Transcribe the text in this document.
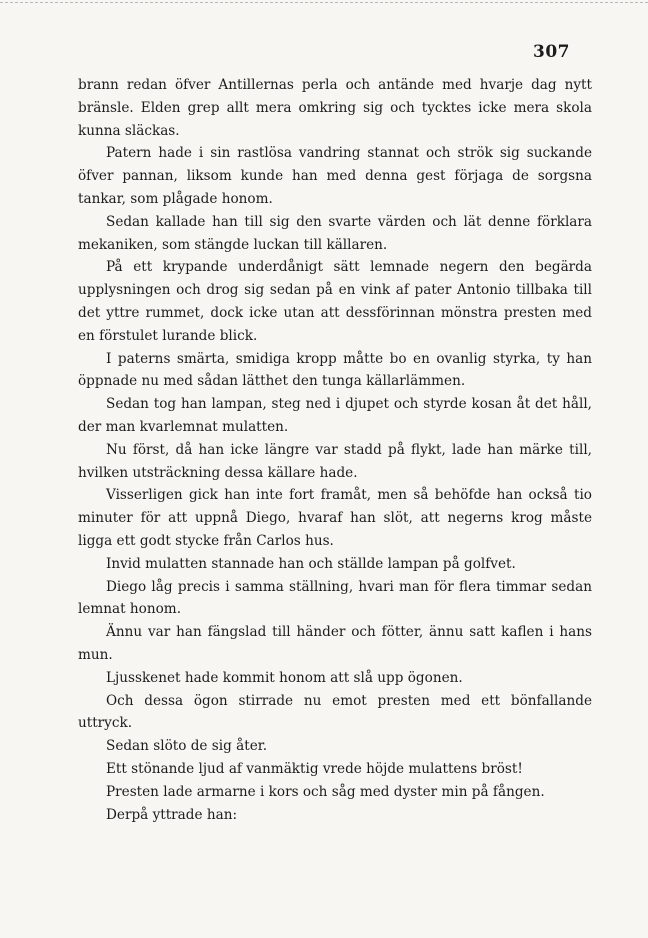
307

brann redan öfver Antillernas perla och antände med hvarje dag nytt bränsle. Elden grep allt mera omkring sig och tycktes icke mera skola kunna släckas.

Patern hade i sin rastlösa vandring stannat och strök sig suckande öfver pannan, liksom kunde han med denna gest förjaga de sorgsna tankar, som plågade honom.

Sedan kallade han till sig den svarte värden och lät denne förklara mekaniken, som stängde luckan till källaren.

På ett krypande underdånigt sätt lemnade negern den begärda upplysningen och drog sig sedan på en vink af pater Antonio tillbaka till det yttre rummet, dock icke utan att dessförinnan mönstra presten med en förstulet lurande blick.

I paterns smärta, smidiga kropp måtte bo en ovanlig styrka, ty han öppnade nu med sådan lätthet den tunga källarlämmen.

Sedan tog han lampan, steg ned i djupet och styrde kosan åt det håll, der man kvarlemnat mulatten.

Nu först, då han icke längre var stadd på flykt, lade han märke till, hvilken utsträckning dessa källare hade.

Visserligen gick han inte fort framåt, men så behöfde han också tio minuter för att uppnå Diego, hvaraf han slöt, att negerns krog måste ligga ett godt stycke från Carlos hus.

Invid mulatten stannade han och ställde lampan på golfvet.

Diego låg precis i samma ställning, hvari man för flera timmar sedan lemnat honom.

Ännu var han fängslad till händer och fötter, ännu satt kaflen i hans mun.

Ljusskenet hade kommit honom att slå upp ögonen.

Och dessa ögon stirrade nu emot presten med ett bönfallande uttryck.

Sedan slöto de sig åter.

Ett stönande ljud af vanmäktig vrede höjde mulattens bröst!

Presten lade armarne i kors och såg med dyster min på fången.

Derpå yttrade han:
